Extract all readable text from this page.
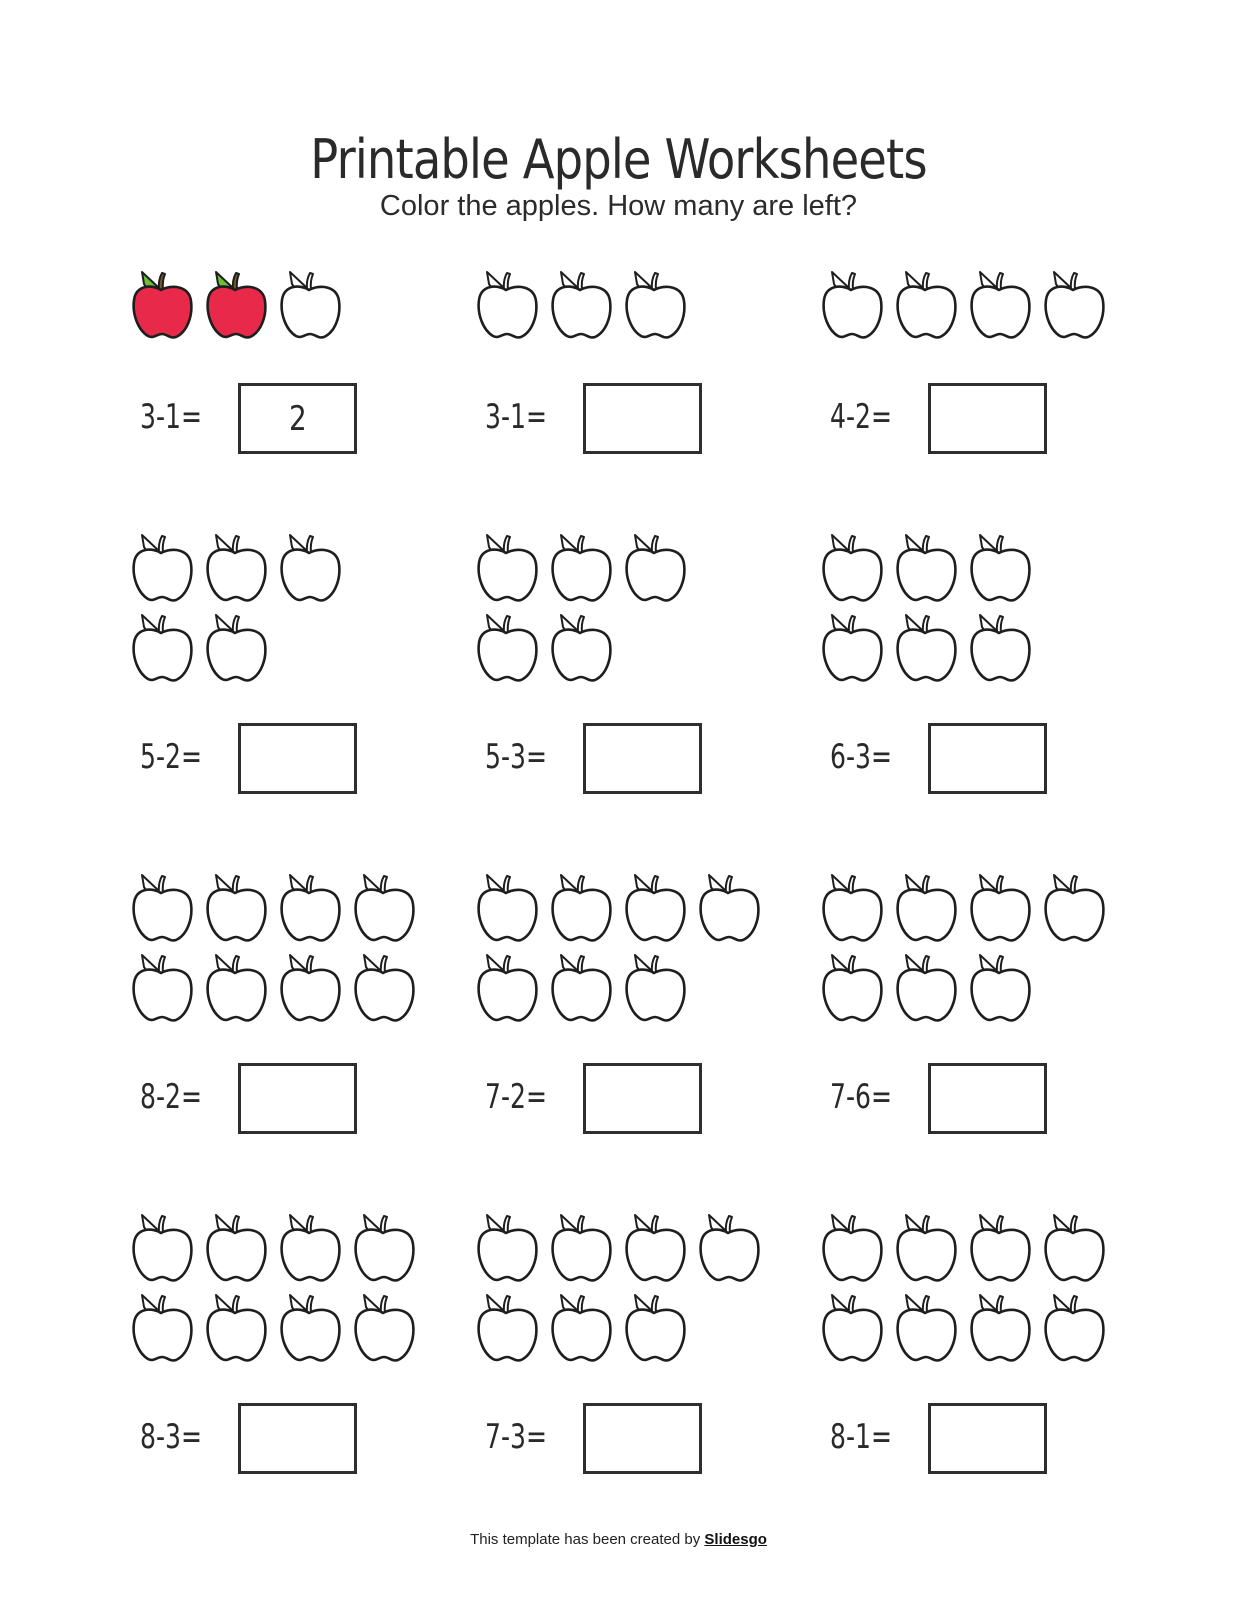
Printable Apple Worksheets
Color the apples. How many are left?
3-1=	2	3-1=	4-2=
5-2=	5-3=	6-3=
8-2=	7-2=	7-6=
8-3=	7-3=	8-1=
This template has been created by Slidesgo
